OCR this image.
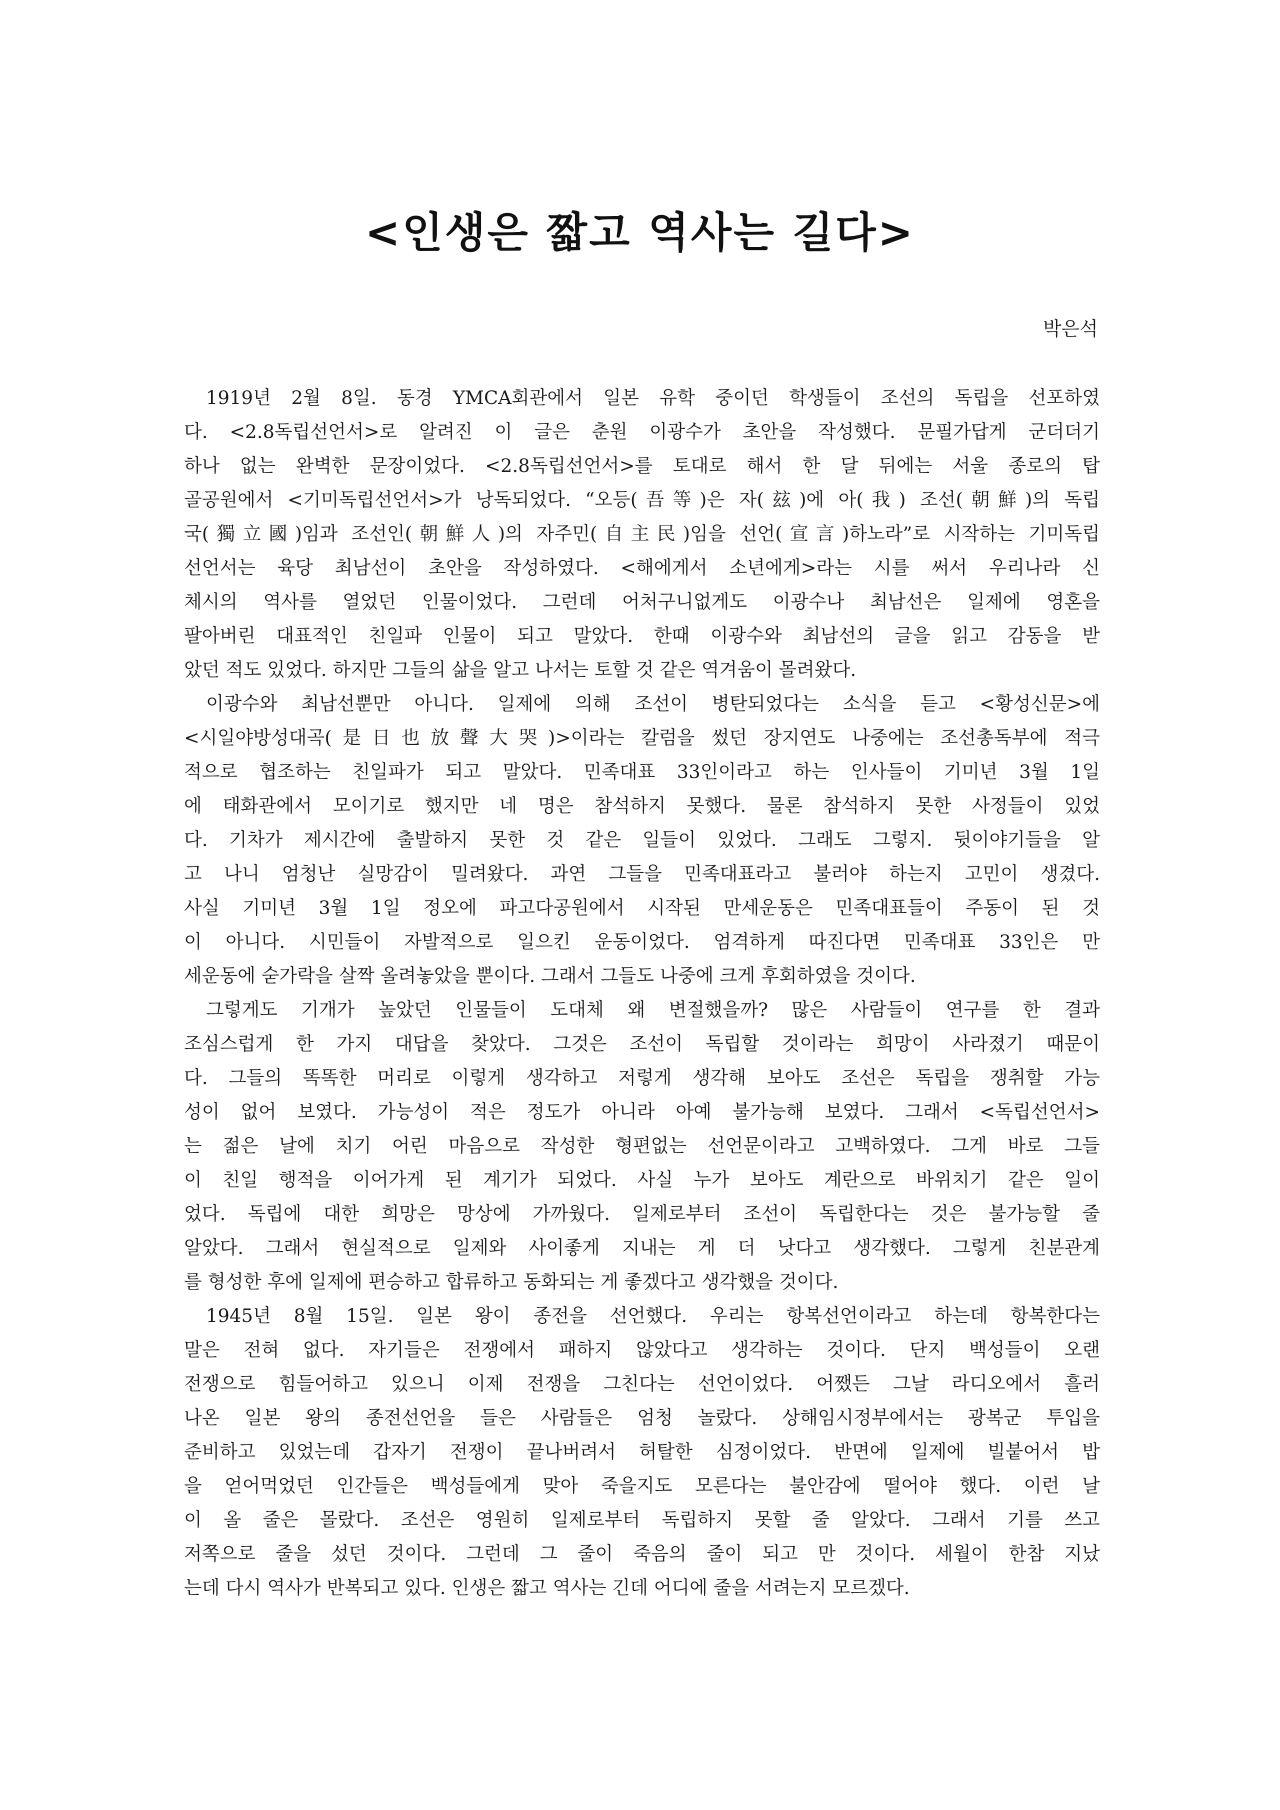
<인생은 짧고 역사는 길다>
박은석
1919년 2월 8일. 동경 YMCA회관에서 일본 유학 중이던 학생들이 조선의 독립을 선포하였
다. <2.8독립선언서>로 알려진 이 글은 춘원 이광수가 초안을 작성했다. 문필가답게 군더더기
하나 없는 완벽한 문장이었다. <2.8독립선언서>를 토대로 해서 한 달 뒤에는 서울 종로의 탑
골공원에서 <기미독립선언서>가 낭독되었다. “오등(吾等)은 자(玆)에 아(我) 조선(朝鮮)의 독립
국(獨立國)임과 조선인(朝鮮人)의 자주민(自主民)임을 선언(宣言)하노라”로 시작하는 기미독립
선언서는 육당 최남선이 초안을 작성하였다. <해에게서 소년에게>라는 시를 써서 우리나라 신
체시의 역사를 열었던 인물이었다. 그런데 어처구니없게도 이광수나 최남선은 일제에 영혼을
팔아버린 대표적인 친일파 인물이 되고 말았다. 한때 이광수와 최남선의 글을 읽고 감동을 받
았던 적도 있었다. 하지만 그들의 삶을 알고 나서는 토할 것 같은 역겨움이 몰려왔다.
이광수와 최남선뿐만 아니다. 일제에 의해 조선이 병탄되었다는 소식을 듣고 <황성신문>에
<시일야방성대곡(是日也放聲大哭)>이라는 칼럼을 썼던 장지연도 나중에는 조선총독부에 적극
적으로 협조하는 친일파가 되고 말았다. 민족대표 33인이라고 하는 인사들이 기미년 3월 1일
에 태화관에서 모이기로 했지만 네 명은 참석하지 못했다. 물론 참석하지 못한 사정들이 있었
다. 기차가 제시간에 출발하지 못한 것 같은 일들이 있었다. 그래도 그렇지. 뒷이야기들을 알
고 나니 엄청난 실망감이 밀려왔다. 과연 그들을 민족대표라고 불러야 하는지 고민이 생겼다.
사실 기미년 3월 1일 정오에 파고다공원에서 시작된 만세운동은 민족대표들이 주동이 된 것
이 아니다. 시민들이 자발적으로 일으킨 운동이었다. 엄격하게 따진다면 민족대표 33인은 만
세운동에 숟가락을 살짝 올려놓았을 뿐이다. 그래서 그들도 나중에 크게 후회하였을 것이다.
그렇게도 기개가 높았던 인물들이 도대체 왜 변절했을까? 많은 사람들이 연구를 한 결과
조심스럽게 한 가지 대답을 찾았다. 그것은 조선이 독립할 것이라는 희망이 사라졌기 때문이
다. 그들의 똑똑한 머리로 이렇게 생각하고 저렇게 생각해 보아도 조선은 독립을 쟁취할 가능
성이 없어 보였다. 가능성이 적은 정도가 아니라 아예 불가능해 보였다. 그래서 <독립선언서>
는 젊은 날에 치기 어린 마음으로 작성한 형편없는 선언문이라고 고백하였다. 그게 바로 그들
이 친일 행적을 이어가게 된 계기가 되었다. 사실 누가 보아도 계란으로 바위치기 같은 일이
었다. 독립에 대한 희망은 망상에 가까웠다. 일제로부터 조선이 독립한다는 것은 불가능할 줄
알았다. 그래서 현실적으로 일제와 사이좋게 지내는 게 더 낫다고 생각했다. 그렇게 친분관계
를 형성한 후에 일제에 편승하고 합류하고 동화되는 게 좋겠다고 생각했을 것이다.
1945년 8월 15일. 일본 왕이 종전을 선언했다. 우리는 항복선언이라고 하는데 항복한다는
말은 전혀 없다. 자기들은 전쟁에서 패하지 않았다고 생각하는 것이다. 단지 백성들이 오랜
전쟁으로 힘들어하고 있으니 이제 전쟁을 그친다는 선언이었다. 어쨌든 그날 라디오에서 흘러
나온 일본 왕의 종전선언을 들은 사람들은 엄청 놀랐다. 상해임시정부에서는 광복군 투입을
준비하고 있었는데 갑자기 전쟁이 끝나버려서 허탈한 심정이었다. 반면에 일제에 빌붙어서 밥
을 얻어먹었던 인간들은 백성들에게 맞아 죽을지도 모른다는 불안감에 떨어야 했다. 이런 날
이 올 줄은 몰랐다. 조선은 영원히 일제로부터 독립하지 못할 줄 알았다. 그래서 기를 쓰고
저쪽으로 줄을 섰던 것이다. 그런데 그 줄이 죽음의 줄이 되고 만 것이다. 세월이 한참 지났
는데 다시 역사가 반복되고 있다. 인생은 짧고 역사는 긴데 어디에 줄을 서려는지 모르겠다.
